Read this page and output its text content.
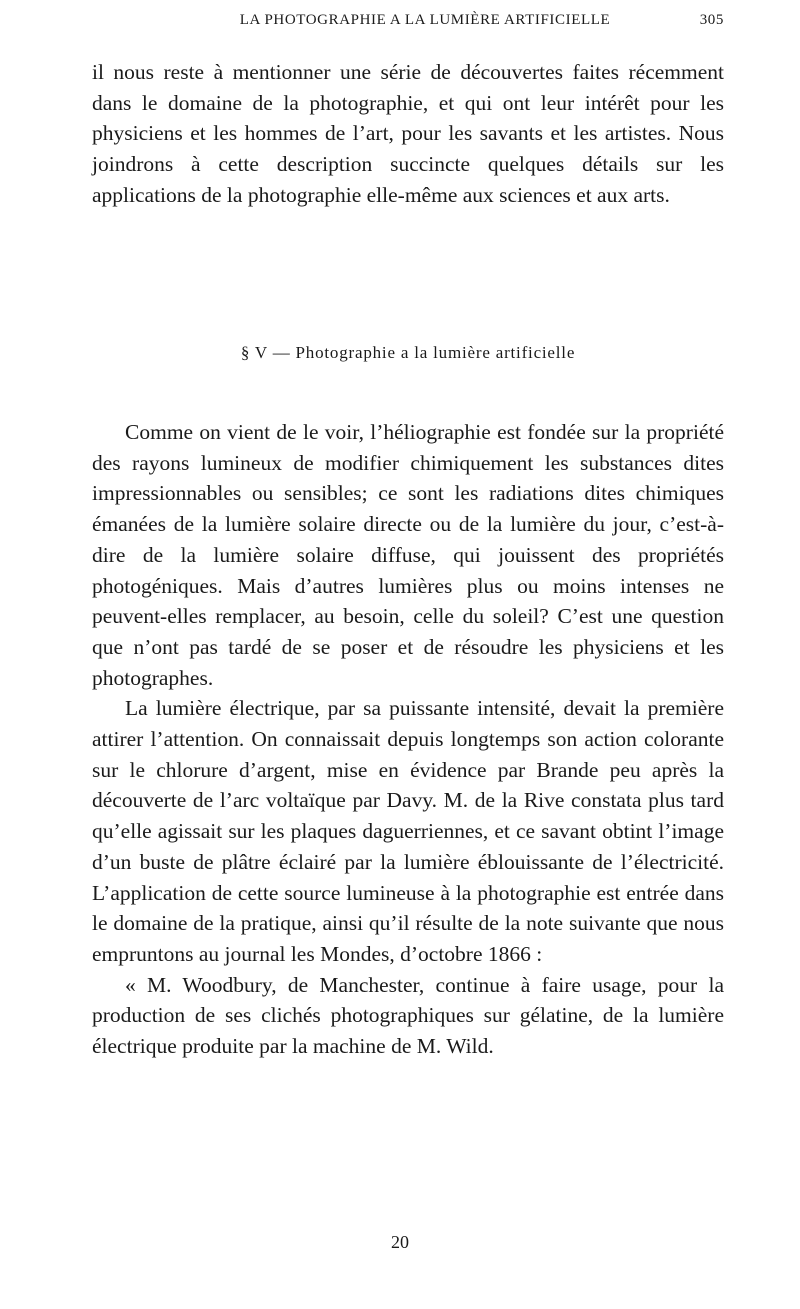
LA PHOTOGRAPHIE A LA LUMIÈRE ARTIFICIELLE	305

il nous reste à mentionner une série de découvertes faites récemment dans le domaine de la photographie, et qui ont leur intérêt pour les physiciens et les hommes de l’art, pour les savants et les artistes. Nous joindrons à cette description succincte quelques détails sur les applications de la photographie elle-même aux sciences et aux arts.

§ V — Photographie a la lumière artificielle

Comme on vient de le voir, l’héliographie est fondée sur la propriété des rayons lumineux de modifier chimiquement les substances dites impressionnables ou sensibles; ce sont les radiations dites chimiques émanées de la lumière solaire directe ou de la lumière du jour, c’est-à-dire de la lumière solaire diffuse, qui jouissent des propriétés photogéniques. Mais d’autres lumières plus ou moins intenses ne peuvent-elles remplacer, au besoin, celle du soleil? C’est une question que n’ont pas tardé de se poser et de résoudre les physiciens et les photographes.

La lumière électrique, par sa puissante intensité, devait la première attirer l’attention. On connaissait depuis longtemps son action colorante sur le chlorure d’argent, mise en évidence par Brande peu après la découverte de l’arc voltaïque par Davy. M. de la Rive constata plus tard qu’elle agissait sur les plaques daguerriennes, et ce savant obtint l’image d’un buste de plâtre éclairé par la lumière éblouissante de l’électricité. L’application de cette source lumineuse à la photographie est entrée dans le domaine de la pratique, ainsi qu’il résulte de la note suivante que nous empruntons au journal les Mondes, d’octobre 1866 :

« M. Woodbury, de Manchester, continue à faire usage, pour la production de ses clichés photographiques sur gélatine, de la lumière électrique produite par la machine de M. Wild.

20
